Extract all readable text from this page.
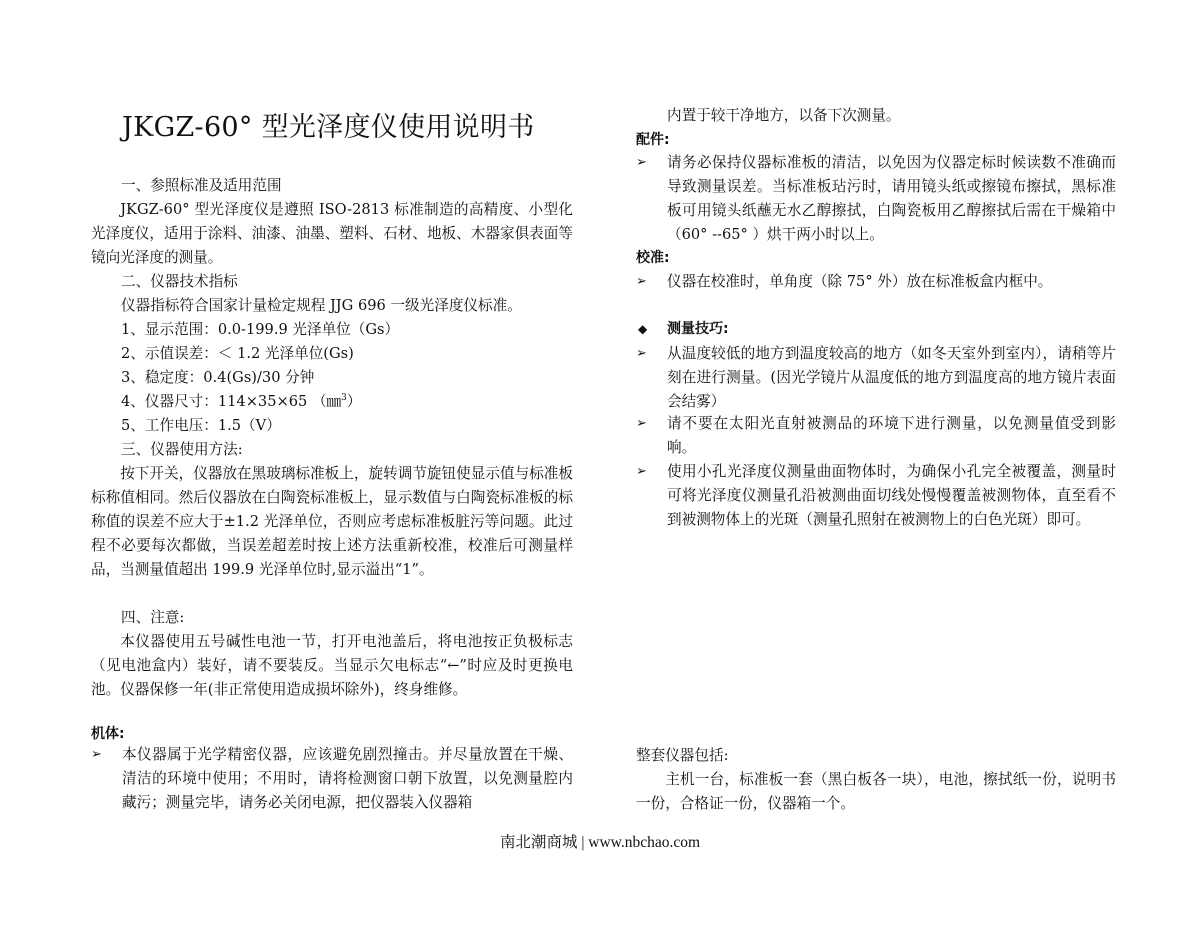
JKGZ-60° 型光泽度仪使用说明书
一、参照标准及适用范围
JKGZ-60° 型光泽度仪是遵照 ISO-2813 标准制造的高精度、小型化光泽度仪，适用于涂料、油漆、油墨、塑料、石材、地板、木器家俱表面等镜向光泽度的测量。
二、仪器技术指标
仪器指标符合国家计量检定规程 JJG 696 一级光泽度仪标准。
1、显示范围：0.0-199.9 光泽单位（Gs）
2、示值误差：＜ 1.2 光泽单位(Gs)
3、稳定度：0.4(Gs)/30 分钟
4、仪器尺寸：114×35×65 （㎜$^3$）
5、工作电压：1.5（V）
三、仪器使用方法:
按下开关，仪器放在黑玻璃标准板上，旋转调节旋钮使显示值与标准板标称值相同。然后仪器放在白陶瓷标准板上，显示数值与白陶瓷标准板的标称值的误差不应大于±1.2 光泽单位，否则应考虑标准板脏污等问题。此过程不必要每次都做，当误差超差时按上述方法重新校准，校准后可测量样品，当测量值超出 199.9 光泽单位时,显示溢出“1”。
四、注意:
本仪器使用五号碱性电池一节，打开电池盖后，将电池按正负极标志（见电池盒内）装好，请不要装反。当显示欠电标志“←”时应及时更换电池。仪器保修一年(非正常使用造成损坏除外)，终身维修。
机体:
➢	本仪器属于光学精密仪器，应该避免剧烈撞击。并尽量放置在干燥、清洁的环境中使用；不用时，请将检测窗口朝下放置，以免测量腔内藏污；测量完毕，请务必关闭电源，把仪器装入仪器箱
内置于较干净地方，以备下次测量。
配件:
➢	请务必保持仪器标准板的清洁，以免因为仪器定标时候读数不准确而导致测量误差。当标准板玷污时，请用镜头纸或擦镜布擦拭，黑标准板可用镜头纸蘸无水乙醇擦拭，白陶瓷板用乙醇擦拭后需在干燥箱中（60° --65° ）烘干两小时以上。
校准:
➢	仪器在校准时，单角度（除 75° 外）放在标准板盒内框中。
◆	测量技巧:
➢	从温度较低的地方到温度较高的地方（如冬天室外到室内），请稍等片刻在进行测量。(因光学镜片从温度低的地方到温度高的地方镜片表面会结雾）
➢	请不要在太阳光直射被测品的环境下进行测量，以免测量值受到影响。
➢	使用小孔光泽度仪测量曲面物体时，为确保小孔完全被覆盖，测量时可将光泽度仪测量孔沿被测曲面切线处慢慢覆盖被测物体，直至看不到被测物体上的光斑（测量孔照射在被测物上的白色光斑）即可。
整套仪器包括:
主机一台，标准板一套（黑白板各一块），电池，擦拭纸一份，说明书一份，合格证一份，仪器箱一个。
南北潮商城 | www.nbchao.com
